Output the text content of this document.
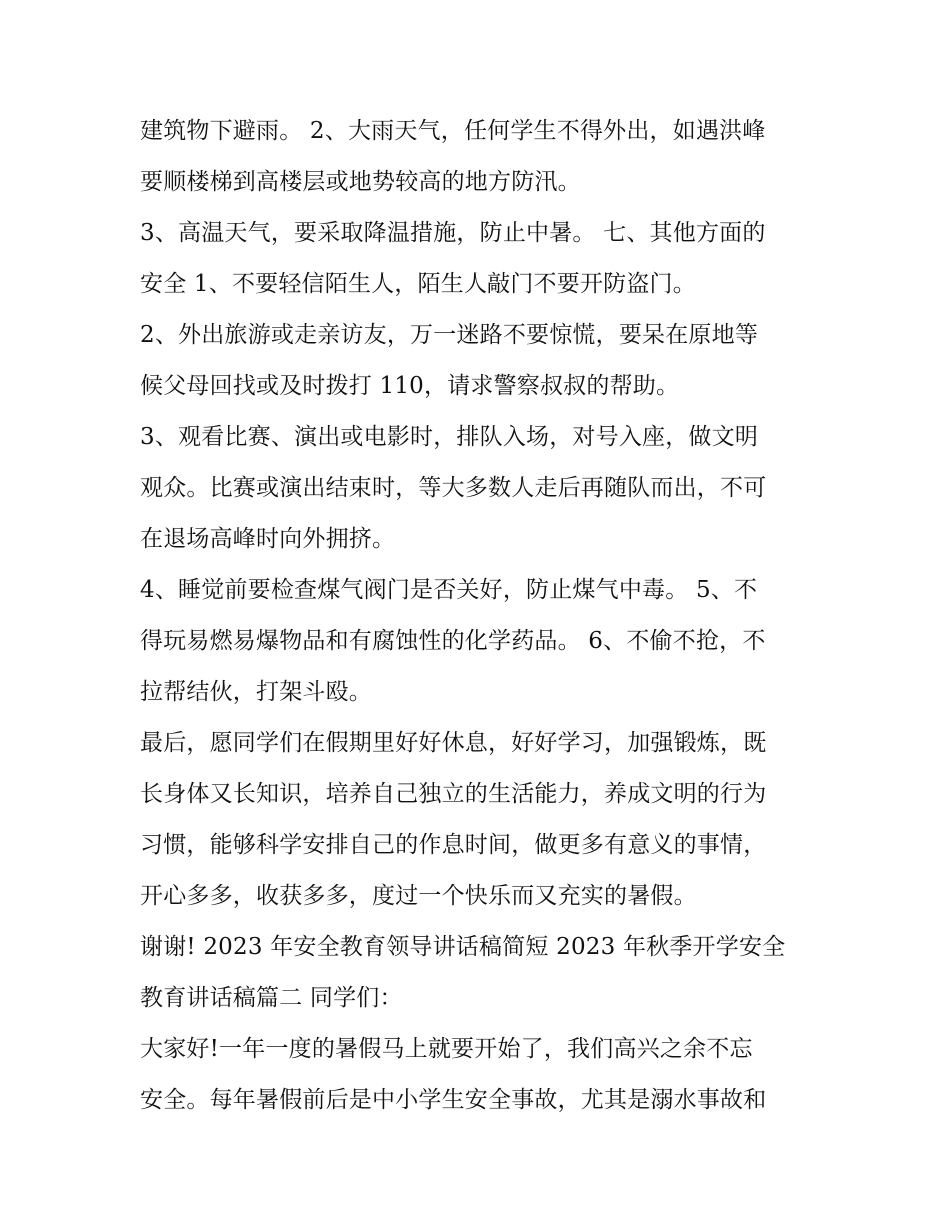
建筑物下避雨。 2、大雨天气，任何学生不得外出，如遇洪峰
要顺楼梯到高楼层或地势较高的地方防汛。
3、高温天气，要采取降温措施，防止中暑。 七、其他方面的
安全 1、不要轻信陌生人，陌生人敲门不要开防盗门。
2、外出旅游或走亲访友，万一迷路不要惊慌，要呆在原地等
候父母回找或及时拨打 110，请求警察叔叔的帮助。
3、观看比赛、演出或电影时，排队入场，对号入座，做文明
观众。比赛或演出结束时，等大多数人走后再随队而出，不可
在退场高峰时向外拥挤。
4、睡觉前要检查煤气阀门是否关好，防止煤气中毒。 5、不
得玩易燃易爆物品和有腐蚀性的化学药品。 6、不偷不抢，不
拉帮结伙，打架斗殴。
最后，愿同学们在假期里好好休息，好好学习，加强锻炼，既
长身体又长知识，培养自己独立的生活能力，养成文明的行为
习惯，能够科学安排自己的作息时间，做更多有意义的事情，
开心多多，收获多多，度过一个快乐而又充实的暑假。
谢谢! 2023 年安全教育领导讲话稿简短 2023 年秋季开学安全
教育讲话稿篇二 同学们：
大家好!一年一度的暑假马上就要开始了，我们高兴之余不忘
安全。每年暑假前后是中小学生安全事故，尤其是溺水事故和
